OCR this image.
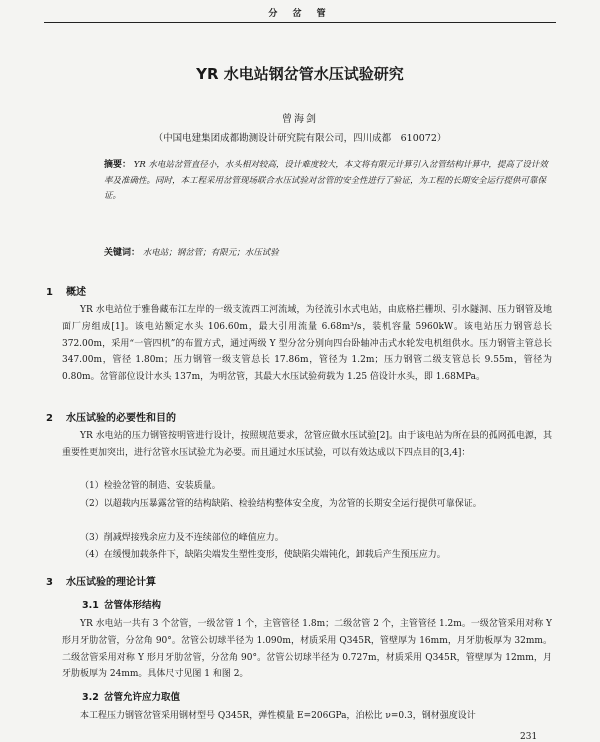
分 岔 管
YR 水电站钢岔管水压试验研究
曾海剑
（中国电建集团成都勘测设计研究院有限公司，四川成都　610072）
摘要： YR 水电站岔管直径小，水头相对较高，设计难度较大，本文将有限元计算引入岔管结构计算中，提高了设计效率及准确性。同时，本工程采用岔管现场联合水压试验对岔管的安全性进行了验证，为工程的长期安全运行提供可靠保证。
关键词： 水电站；钢岔管；有限元；水压试验
1 概述

YR 水电站位于雅鲁藏布江左岸的一级支流西工河流域，为径流引水式电站，由底格拦栅坝、引水隧洞、压力钢管及地面厂房组成[1]。该电站额定水头 106.60m，最大引用流量 6.68m³/s，装机容量 5960kW。该电站压力钢管总长 372.00m，采用“一管四机”的布置方式，通过两级 Y 型分岔分别向四台卧轴冲击式水轮发电机组供水。压力钢管主管总长 347.00m，管径 1.80m；压力钢管一级支管总长 17.86m，管径为 1.2m；压力钢管二级支管总长 9.55m，管径为 0.80m。岔管部位设计水头 137m，为明岔管，其最大水压试验荷载为 1.25 倍设计水头，即 1.68MPa。

2 水压试验的必要性和目的

YR 水电站的压力钢管按明管进行设计，按照规范要求，岔管应做水压试验[2]。由于该电站为所在县的孤网孤电源，其重要性更加突出，进行岔管水压试验尤为必要。而且通过水压试验，可以有效达成以下四点目的[3,4]：

（1）检验岔管的制造、安装质量。

（2）以超载内压暴露岔管的结构缺陷、检验结构整体安全度，为岔管的长期安全运行提供可靠保证。

（3）削减焊接残余应力及不连续部位的峰值应力。

（4）在缓慢加载条件下，缺陷尖端发生塑性变形，使缺陷尖端钝化，卸载后产生预压应力。

3 水压试验的理论计算
3.1 岔管体形结构

YR 水电站一共有 3 个岔管，一级岔管 1 个，主管管径 1.8m；二级岔管 2 个，主管管径 1.2m。一级岔管采用对称 Y 形月牙肋岔管，分岔角 90°。岔管公切球半径为 1.090m，材质采用 Q345R，管壁厚为 16mm，月牙肋板厚为 32mm。二级岔管采用对称 Y 形月牙肋岔管，分岔角 90°。岔管公切球半径为 0.727m，材质采用 Q345R，管壁厚为 12mm，月牙肋板厚为 24mm。具体尺寸见图 1 和图 2。

3.2 岔管允许应力取值

本工程压力钢管岔管采用钢材型号 Q345R，弹性模量 E=206GPa，泊松比 ν=0.3，钢材强度设计

231
